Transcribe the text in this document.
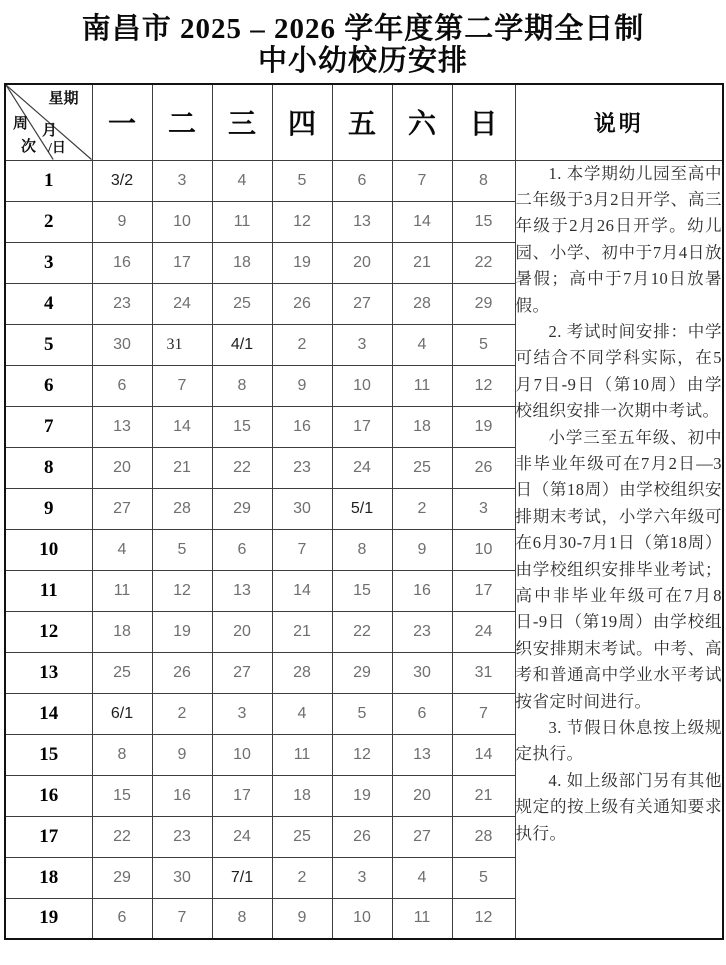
南昌市 2025 – 2026 学年度第二学期全日制
中小幼校历安排
星期
周
次
月
/日	一	二	三	四	五	六	日	说明
1	3/2	3	4	5	6	7	8	1. 本学期幼儿园至高中二年级于3月2日开学、高三年级于2月26日开学。幼儿园、小学、初中于7月4日放暑假；高中于7月10日放暑假。

2. 考试时间安排：中学可结合不同学科实际，在5月7日-9日（第10周）由学校组织安排一次期中考试。

小学三至五年级、初中非毕业年级可在7月2日—3日（第18周）由学校组织安排期末考试，小学六年级可在6月30-7月1日（第18周）由学校组织安排毕业考试；高中非毕业年级可在7月8日-9日（第19周）由学校组织安排期末考试。中考、高考和普通高中学业水平考试按省定时间进行。

3. 节假日休息按上级规定执行。

4. 如上级部门另有其他规定的按上级有关通知要求执行。

2	9	10	11	12	13	14	15	
3	16	17	18	19	20	21	22	
4	23	24	25	26	27	28	29	
5	30	31	4/1	2	3	4	5	
6	6	7	8	9	10	11	12	
7	13	14	15	16	17	18	19	
8	20	21	22	23	24	25	26	
9	27	28	29	30	5/1	2	3	
10	4	5	6	7	8	9	10	
11	11	12	13	14	15	16	17	
12	18	19	20	21	22	23	24	
13	25	26	27	28	29	30	31	
14	6/1	2	3	4	5	6	7	
15	8	9	10	11	12	13	14	
16	15	16	17	18	19	20	21	
17	22	23	24	25	26	27	28	
18	29	30	7/1	2	3	4	5	
19	6	7	8	9	10	11	12	
